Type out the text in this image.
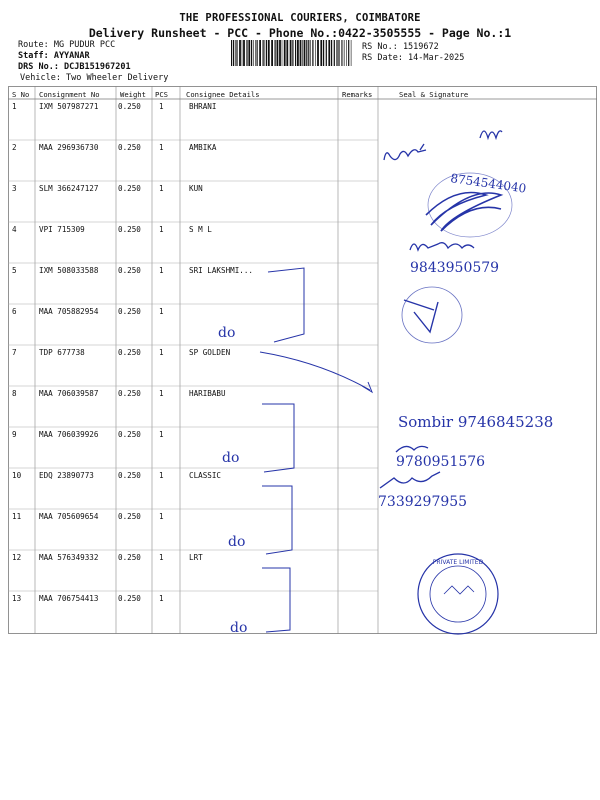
THE PROFESSIONAL COURIERS, COIMBATORE
Delivery Runsheet - PCC - Phone No.:0422-3505555 - Page No.:1
Route: MG PUDUR PCC
Staff: AYYANAR
DRS No.: DCJB151967201
Vehicle: Two Wheeler Delivery
RS No.: 1519672
RS Date: 14-Mar-2025
S No Consignment No	Weight PCS	Consignee Details	Remarks	Seal & Signature
1	IXM 507987271	0.250 1	BHRANI
2	MAA 296936730	0.250 1	AMBIKA
3	SLM 366247127	0.250 1	KUN
4	VPI 715309	0.250 1	S M L
5	IXM 508033588	0.250 1	SRI LAKSHMI...
6	MAA 705882954	0.250 1
7	TDP 677738	0.250 1	SP GOLDEN
8	MAA 706039587	0.250 1	HARIBABU
9	MAA 706039926	0.250 1
10 EDQ 23890773	0.250 1	CLASSIC
11 MAA 705609654	0.250 1
12 MAA 576349332	0.250 1	LRT
13 MAA 706754413	0.250 1
8754544040
9843950579
do
do
do
do
Sombir 9746845238
9780951576
7339297955
PRIVATE LIMITED
